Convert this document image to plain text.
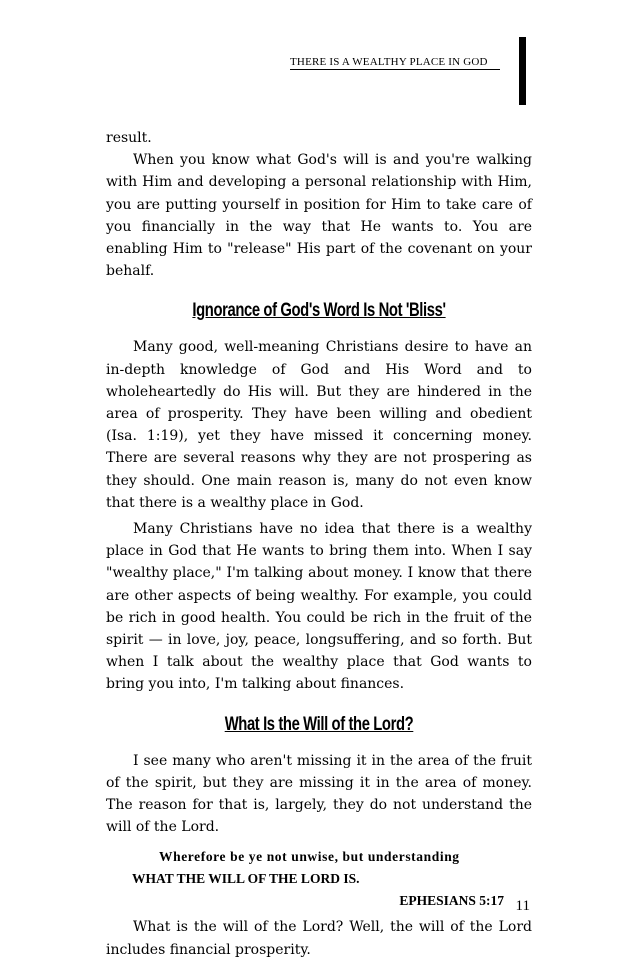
THERE IS A WEALTHY PLACE IN GOD

result.

When you know what God's will is and you're walking with Him and developing a personal relationship with Him, you are putting yourself in position for Him to take care of you financially in the way that He wants to. You are enabling Him to "release" His part of the covenant on your behalf.

Ignorance of God's Word Is Not 'Bliss'

Many good, well-meaning Christians desire to have an in-depth knowledge of God and His Word and to wholeheartedly do His will. But they are hindered in the area of prosperity. They have been willing and obedient (Isa. 1:19), yet they have missed it concerning money. There are several reasons why they are not prospering as they should. One main reason is, many do not even know that there is a wealthy place in God.

Many Christians have no idea that there is a wealthy place in God that He wants to bring them into. When I say "wealthy place," I'm talking about money. I know that there are other aspects of being wealthy. For example, you could be rich in good health. You could be rich in the fruit of the spirit — in love, joy, peace, longsuffering, and so forth. But when I talk about the wealthy place that God wants to bring you into, I'm talking about finances.

What Is the Will of the Lord?

I see many who aren't missing it in the area of the fruit of the spirit, but they are missing it in the area of money. The reason for that is, largely, they do not understand the will of the Lord.

Wherefore be ye not unwise, but understanding
WHAT THE WILL OF THE LORD IS.
EPHESIANS 5:17

What is the will of the Lord? Well, the will of the Lord includes financial prosperity.

11
